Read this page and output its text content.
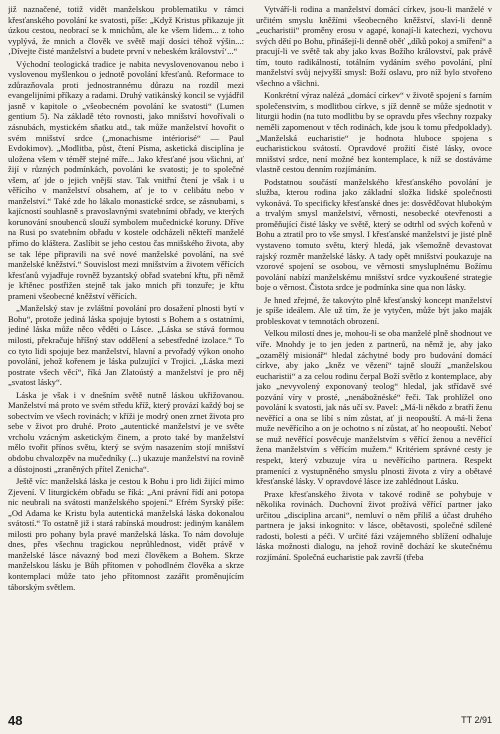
již naznačené, totiž vidět manželskou problematiku v rámci křesťanského povolání ke svatosti, píše: „Když Kristus přikazuje jít úzkou cestou, neobrací se k mnichům, ale ke všem lidem... z toho vyplývá, že mnich a člověk ve světě mají dosíci téhož výšin...: ‚Dívejte čisté manželství a budete první v nebeském království‘...“

Východní teologická tradice je nabita nevyslovenovanou nebo i vyslovenou myšlenkou o jednotě povolání křesťanů. Reformace to zdůrazňovala proti jednostrannému důrazu na rozdíl mezi evangelijními příkazy a radami. Druhý vatikánský koncil se vyjádřil jasně v kapitole o „všeobecném povolání ke svatosti“ (Lumen gentium 5). Na základě této rovnosti, jako mnišství hovořívali o zásnubách, mystickém sňatku atd., tak může manželství hovořit o svém mnišství srdce („monachisme intériorisé“ — Paul Evdokimov). „Modlitba, půst, čtení Písma, asketická disciplína je uložena všem v téměř stejné míře... Jako křesťané jsou všichni, ať žijí v různých podmínkách, povoláni ke svatosti; je to společné všem, ať jde o jejich vnější stav. Tak vnitřní čtení je však i u věřícího v manželství obsahem, ať je to v celibátu nebo v manželství.“ Také zde ho lákalo monastické srdce, se zásnubami, s kajícností souhlasně s pravoslavnými svatebními obřady, ve kterých korunování snoubenců slouží symbolem mučednické koruny. Dříve na Rusi po svatebním obřadu v kostele odcházeli někteří manželé přímo do kláštera. Zaslíbit se jeho cestou čas mnišského života, aby se tak lépe připravili na své nové manželské povolání, na své manželské kněžství.“ Souvislost mezi mnišstvím a životem věřících křesťanů vyjadřuje rovněž byzantský obřad svatební křtu, při němž je křtěnec postřižen stejně tak jako mnich při tonzuře; je křtu prameni všeobecné kněžství věřících.

„Manželský stav je zvláštní povolání pro dosažení plnosti bytí v Bohu“, protože jediná láska spojuje bytosti s Bohem a s ostatními, jediné láska může něco věděti o Lásce. „Láska se stává formou milosti, překračuje hříšný stav oddělení a sebestředné izolace.“ To co tyto lidi spojuje bez manželství, hlavní a prvořadý výkon onoho povolání, jehož kořenem je láska pulzující v Trojici. „Láska mezi postrate všech věcí“, říká Jan Zlatoústý a manželství je pro něj „svatost lásky“.

Láska je však i v dnešním světě nutně láskou ukřižovanou. Manželství má proto ve svém středu kříž, který provází každý boj se sobectvím ve všech rovinách; v kříži je modrý onen zrnet života pro sebe v život pro druhé. Proto „autentické manželství je ve světe vrcholu vzácným asketickým činem, a proto také by manželství mělo tvořit přínos světu, který se svým nasazením stojí mnišství obdobu chvalozpěv na mučedníky (...) ukazuje manželství na rovině a důstojnosti „zraněných přítel Zenicha“.

Ještě víc: manželská láska je cestou k Bohu i pro lidi žijící mimo Zjevení. V liturgickém obřadu se říká: „Ani právní řídí ani potopa nic neubrali na svátosti manželského spojení.“ Efrém Syrský píše: „Od Adama ke Kristu byla autentická manželská láska dokonalou svátostí.“ To ostatně již i stará rabínská moudrost: jediným kanálem milosti pro pohany byla pravé manželská láska. To nám dovoluje dnes, přes všechnu tragickou neprůhlednost, vidět právě v manželské lásce návazný bod mezi člověkem a Bohem. Skrze manželskou lásku je Bůh přítomen v pohodlném člověka a skrze kontemplaci může tato jeho přítomnost zazářit proměnujícím táborským světlem.

Vytváří-li rodina a manželství domácí církev, jsou-li manželé v určitém smyslu kněžími všeobecného kněžství, slaví-li denně „eucharistii“ proměny erosu v agapé, konají-li katechezi, vychovu svých dětí po Bohu, přinášejí-li denně oběť „díků pokoj a smíření“ a pracují-li ve světě tak aby jako kvas Božího království, pak právě tím, touto radikálností, totálním vydáním svého povolání, plní manželství svůj nejvyšší smysl: Boží oslavu, pro níž bylo stvořeno všechno a všichni.

Konkrétní výraz nalézá „domácí církev“ v životě spojení s farním společenstvím, s modlitbou církve, s jíž denně se může sjednotit v liturgii hodin (na tuto modlitbu by se opravdu přes všechny rozpaky neměli zapomenout v těch rodinách, kde jsou k tomu předpoklady). „Manželská eucharistie“ je hodnota hluboce spojena s eucharistickou svátostí. Opravdové prožití čisté lásky, ovoce mnišství srdce, není možné bez kontemplace, k níž se dostáváme vlastně cestou denním rozjímáním.

Podstatnou součástí manželského křesťanského povolání je služba, kterou rodina jako základní složka lidské společnosti vykonává. To specificky křesťanské dnes je: dosvědčovat hlubokým a trvalým smysl manželství, věrnosti, nesobecké otevřenosti a proměňující čisté lásky ve světě, který se odtrhl od svých kořenů v Bohu a ztratil pro to vše smysl. I křesťanské manželství je jisté plně vystaveno tomuto světu, který hledá, jak všemožně devastovat rajský rozměr manželské lásky. A tady opět mnišství poukazuje na vzorové spojení se osobou, ve věrnosti smysluplnému Božímu povolání nabízí manželskému mnišství srdce vyzkoušené strategie boje o věrnost. Čistota srdce je podmínka sine qua non lásky.

Je hned zřejmé, že takovýto plně křesťanský koncept manželství je spíše ideálem. Ale už tím, že je vytyčen, může být jako maják probleskovat v temnotách obrození.

Velkou milostí dnes je, mohou-li se oba manželé plně shodnout ve víře. Mnohdy je to jen jeden z partnerů, na němž je, aby jako „ozamělý misionář“ hledal záchytné body pro budování domácí církve, aby jako „kněz ve vězení“ tajně slouží „manželskou eucharistii“ a za celou rodinu čerpal Boží světlo z kontemplace, aby jako „nevyvolený exponovaný teolog“ hledal, jak střídavě své pozvání víry v prosté, „nenábožnéské“ řeči. Tak prohlížel ono povolání k svatosti, jak nás učí sv. Pavel: „Má-li někdo z bratří ženu nevěřící a ona se líbí s ním zůstat, ať ji neopouští. A má-li žena muže nevěřícího a on je ochotno s ní zůstat, ať ho neopouští. Neboť se muž nevěřící posvěcuje manželstvím s věřící ženou a nevěřící žena manželstvím s věřícím mužem.“ Kritériem správné cesty je respekt, který vzbuzuje víra u nevěřícího partnera. Respekt pramenící z vystupněného smyslu plnosti života z víry a obětavé křesťanské lásky. V opravdové lásce ize zahlédnout Lásku.

Praxe křesťanského života v takové rodině se pohybuje v několika rovinách. Duchovní život prožívá věřící partner jako určitou „disciplina arcani“, nemluví o něm příliš a účast druhého partnera je jaksi inkognito: v lásce, obětavosti, společné sdílené radosti, bolesti a péči. V určité fázi vzájemného sblížení odhaluje láska možnosti dialogu, na jehož rovině dochází ke skutečnému rozjímání. Společná eucharistie pak završí (třeba

48	TT 2/91
